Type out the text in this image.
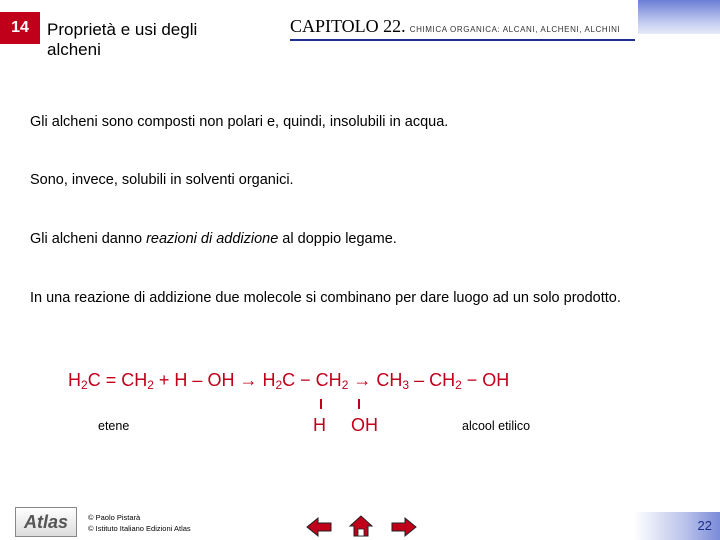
14	Proprietà e usi degli alcheni
CAPITOLO 22. CHIMICA ORGANICA: ALCANI, ALCHENI, ALCHINI
Gli alcheni sono composti non polari e, quindi, insolubili in acqua.
Sono, invece, solubili in solventi organici.
Gli alcheni danno reazioni di addizione al doppio legame.
In una reazione di addizione due molecole si combinano per dare luogo ad un solo prodotto.
$H_2C = CH_2 + H$ – OH → $H_2C - CH_2 \to CH_3 - CH_2$ − OH
H OH
etene	alcool etilico
Atlas	© Paolo Pistarà
© Istituto Italiano Edizioni Atlas	22
